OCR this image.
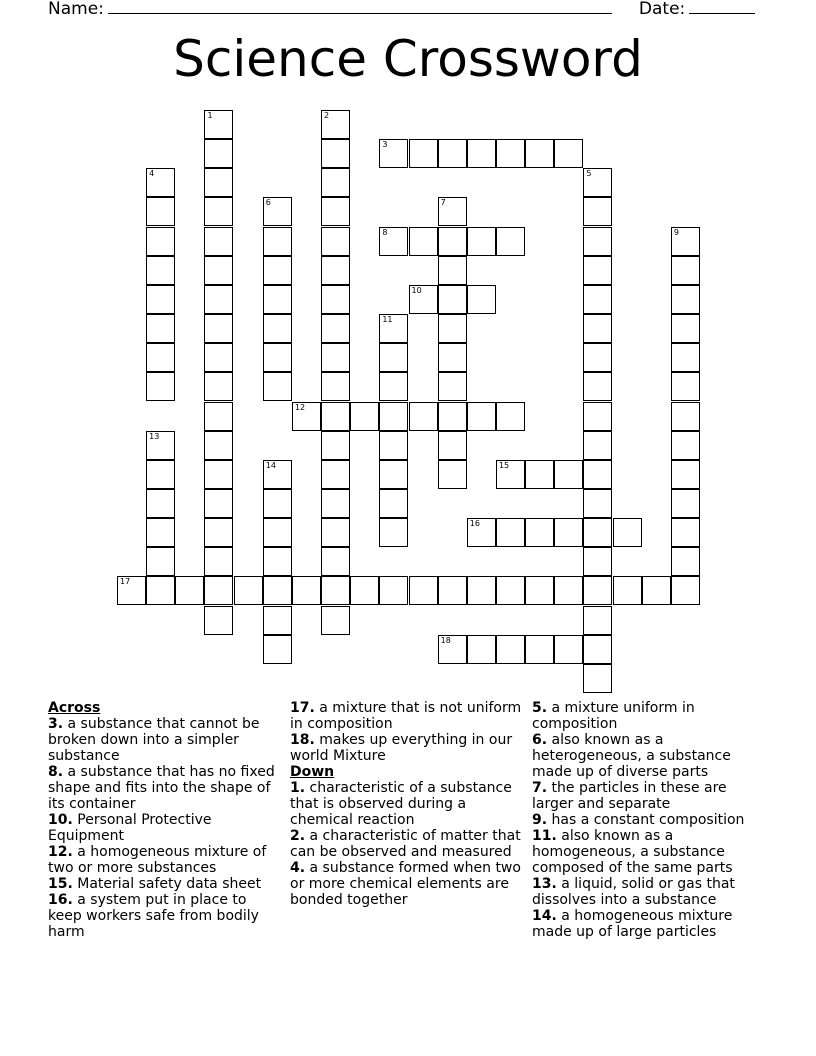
Name:	Date:
Science Crossword
1	2
3
4	5
6	7
8	9
10
11
12
13
14	15
16
17
18
Across
3. a substance that cannot be broken down into a simpler substance
8. a substance that has no fixed shape and fits into the shape of its container
10. Personal Protective Equipment
12. a homogeneous mixture of two or more substances
15. Material safety data sheet
16. a system put in place to keep workers safe from bodily harm
17. a mixture that is not uniform in composition
18. makes up everything in our world Mixture
Down
1. characteristic of a substance that is observed during a chemical reaction
2. a characteristic of matter that can be observed and measured
4. a substance formed when two or more chemical elements are bonded together
5. a mixture uniform in composition
6. also known as a heterogeneous, a substance made up of diverse parts
7. the particles in these are larger and separate
9. has a constant composition
11. also known as a homogeneous, a substance composed of the same parts
13. a liquid, solid or gas that dissolves into a substance
14. a homogeneous mixture made up of large particles
